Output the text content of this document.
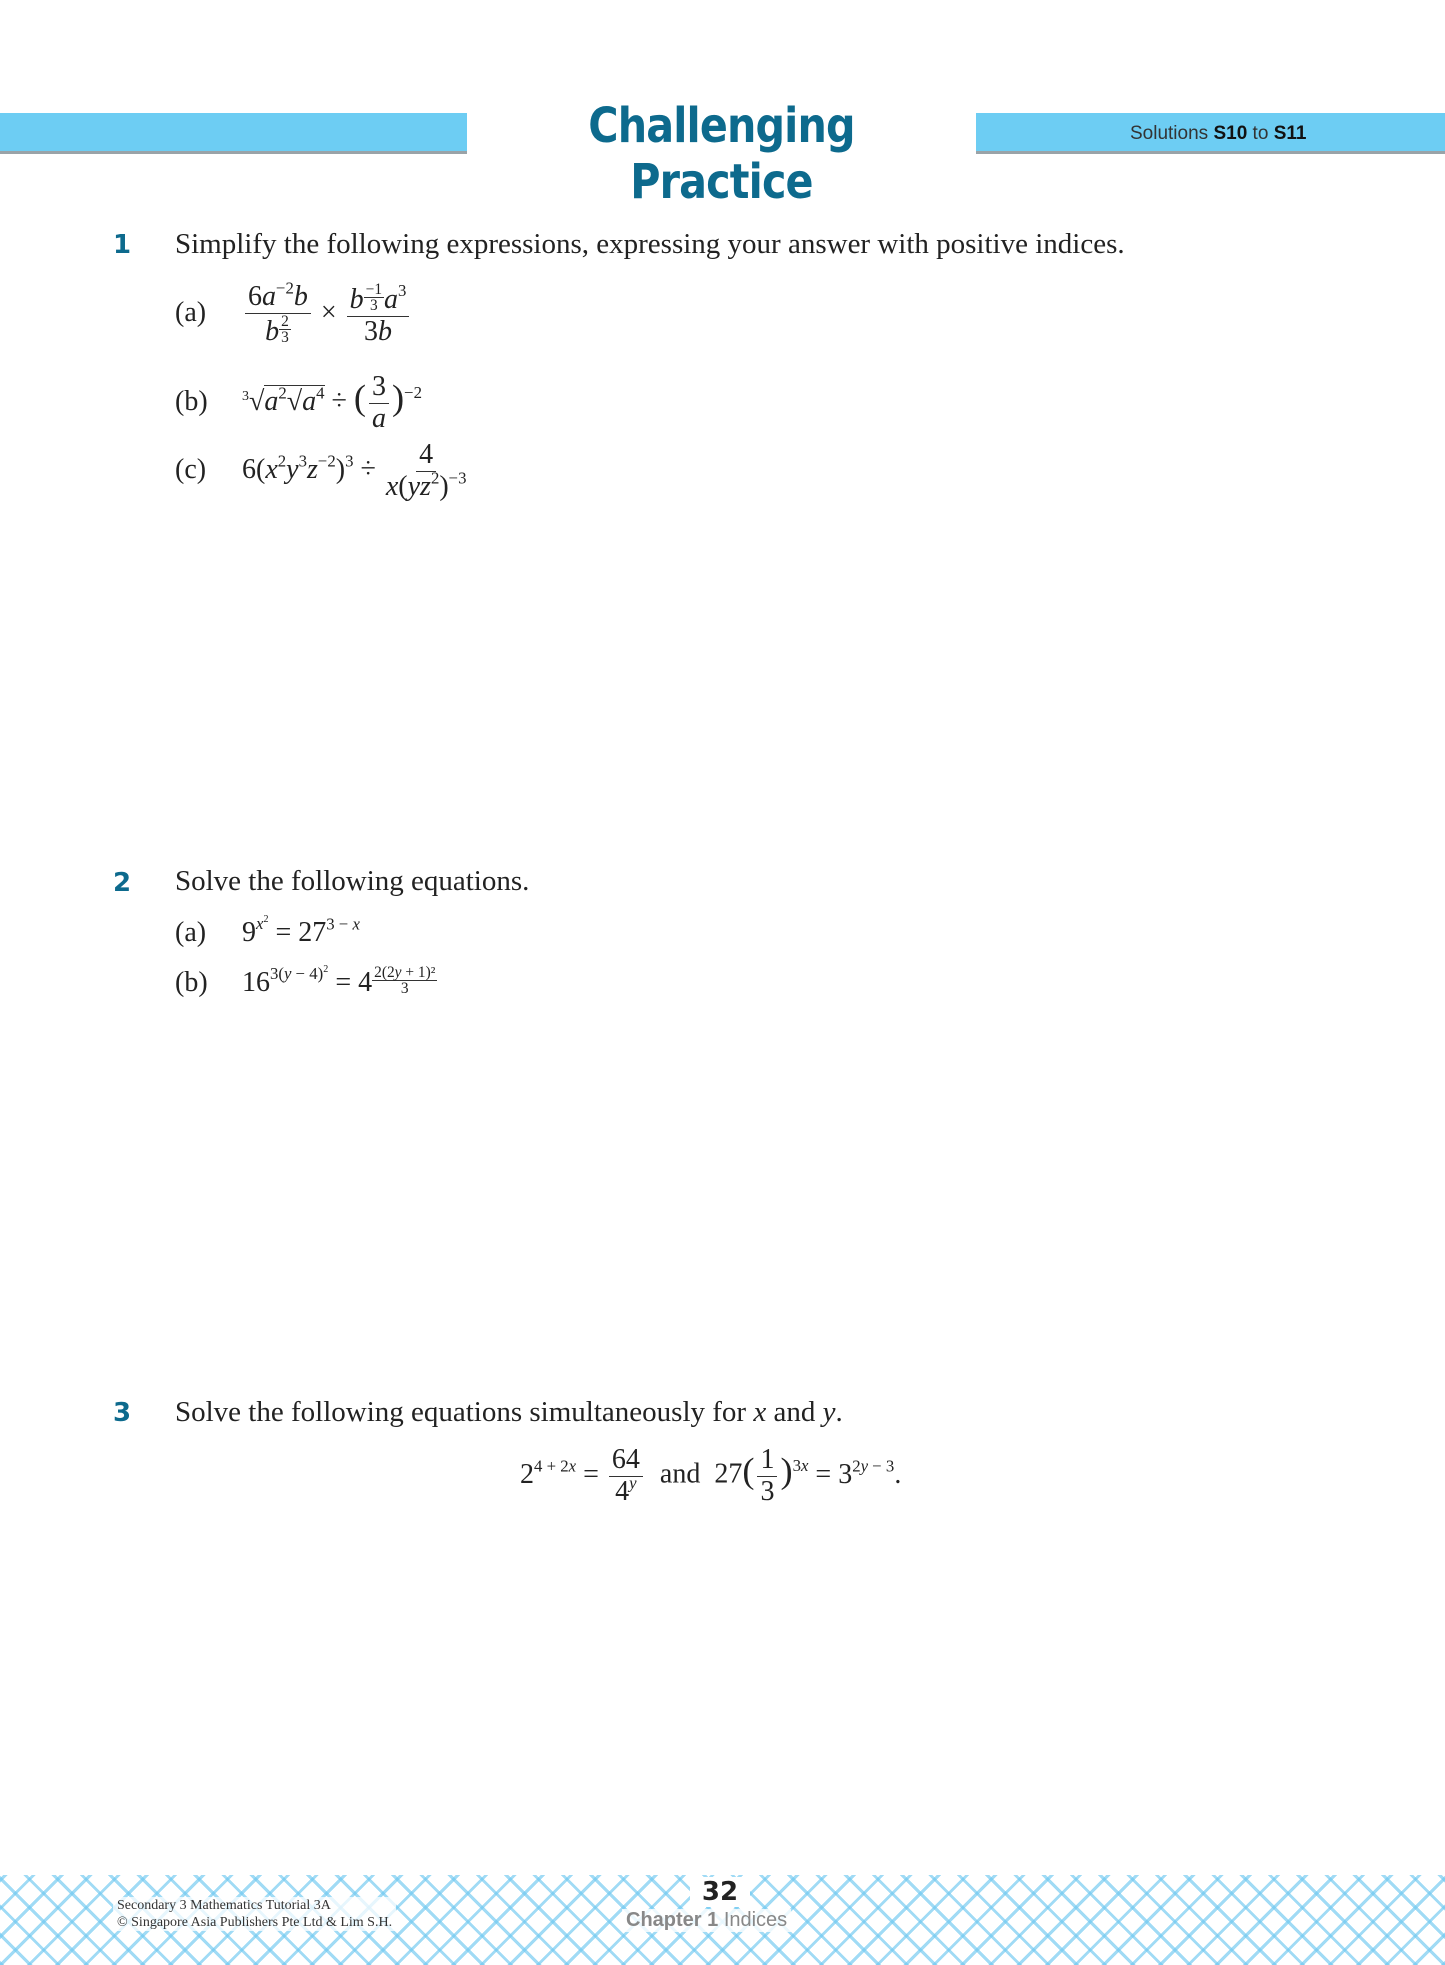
Challenging Practice
Solutions S10 to S11
1 Simplify the following expressions, expressing your answer with positive indices.
$(a) \frac{6a^{-2}b}{b \frac{2}{3}} \times \frac{b \frac{-1}{3} a^3}{3b}$
(b) $^3√a^2√a^4$ ÷ ( $\frac{3}{a} )^{-2}$
(c) $6(x^2y^3z^{-2})^3 \div \frac{4}{x(yz^2)^{-3}}$
2 Solve the following equations.
(a) $9^{x^2} = 27^{3 - x}$
(b) $16^{3(y - 4)^2} = 4 \frac{\text{2(2y + 1)²}}{3}$
3 Solve the following equations simultaneously for x and y.
$2^{4 + 2x} = \frac{64}{4^y}$ and  $27( \frac{1}{3} )^{3x} = 3^{2y - 3}$.
Secondary 3 Mathematics Tutorial 3A
© Singapore Asia Publishers Pte Ltd & Lim S.H.
32
Chapter 1 Indices
